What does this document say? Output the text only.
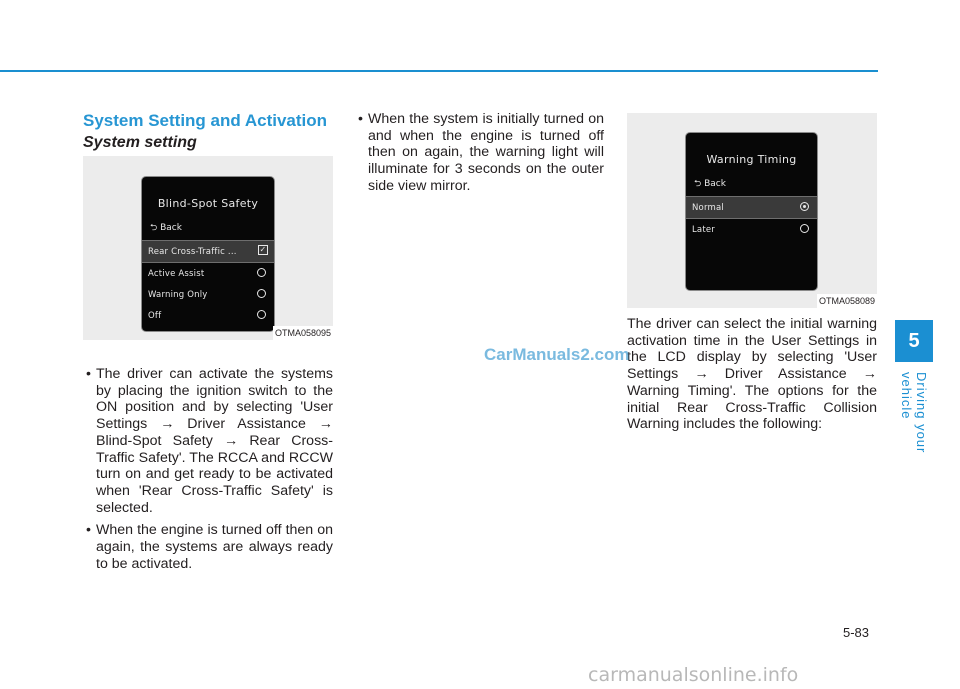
5
Driving your vehicle
System Setting and Activation
System setting
Blind-Spot Safety
⮌ Back
Rear Cross-Traffic ...	✓
Active Assist
Warning Only
Off
OTMA058095
• The driver can activate the systems by placing the ignition switch to the ON position and by selecting 'User Settings → Driver Assistance → Blind-Spot Safety → Rear Cross-Traffic Safety'. The RCCA and RCCW turn on and get ready to be activated when 'Rear Cross-Traffic Safety' is selected.
• When the engine is turned off then on again, the systems are always ready to be activated.
• When the system is initially turned on and when the engine is turned off then on again, the warning light will illuminate for 3 seconds on the outer side view mirror.
Warning Timing
⮌ Back
Normal
Later
OTMA058089
The driver can select the initial warning activation time in the User Settings in the LCD display by selecting 'User Settings → Driver Assistance → Warning Timing'. The options for the initial Rear Cross-Traffic Collision Warning includes the following:
CarManuals2.com
5-83
carmanualsonline.info
